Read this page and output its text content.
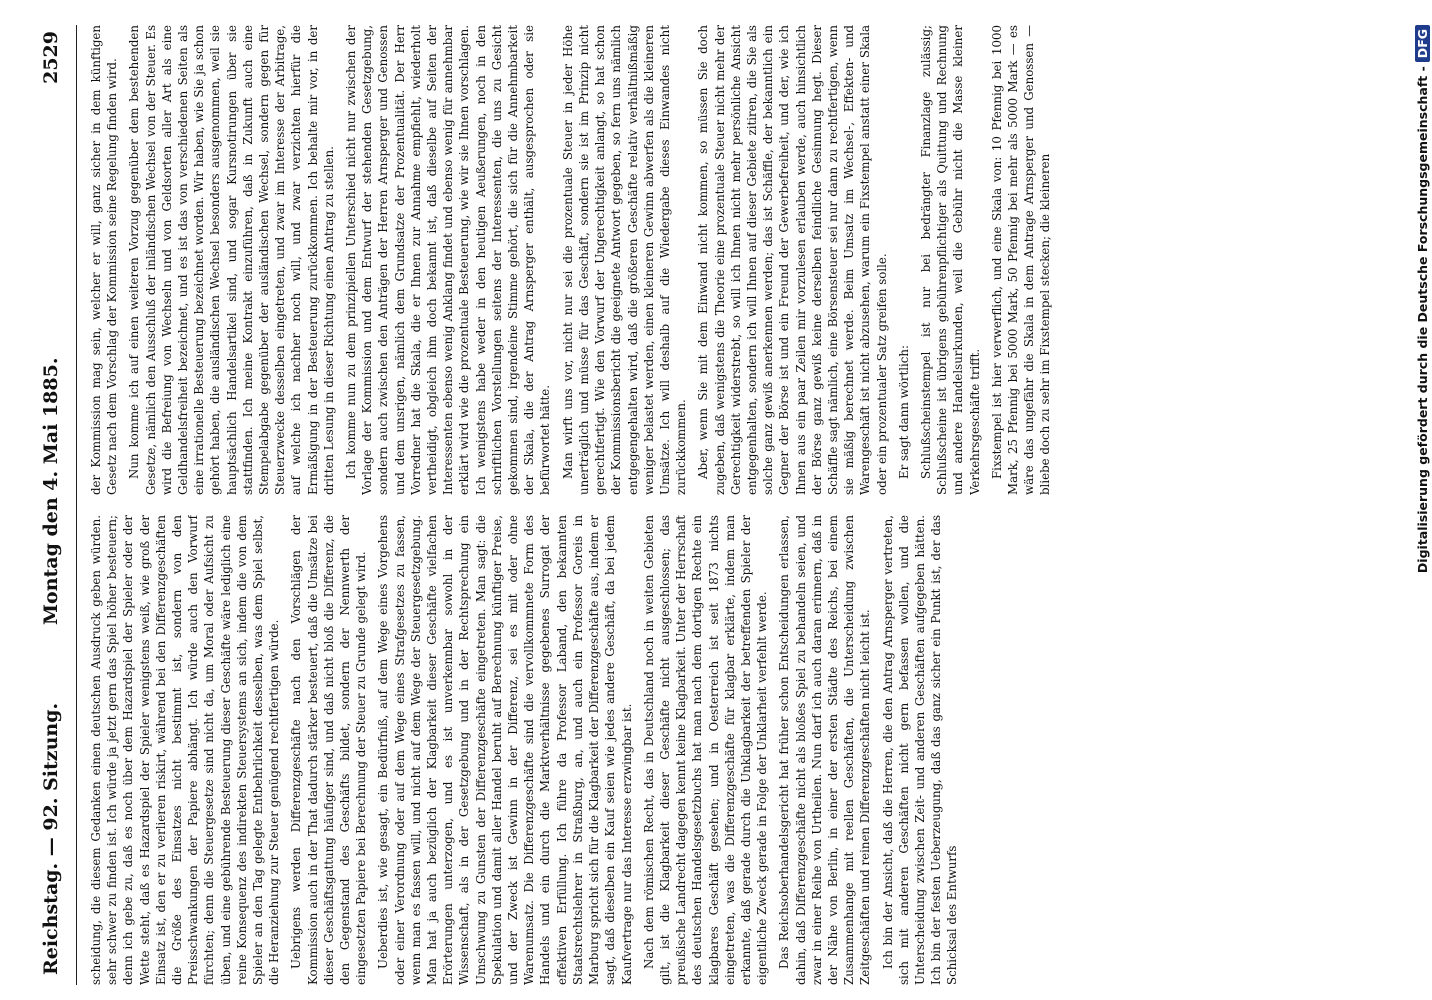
Reichstag. — 92. Sitzung.
Montag den 4. Mai 1885.
2529

scheidung, die diesem Gedanken einen deutschen Ausdruck geben würden. sehr schwer zu finden ist. Ich würde ja jetzt gern das Spiel höher besteuern; denn ich gebe zu, daß es noch über dem Hazardspiel der Spieler oder der Wette steht, daß es Hazardspiel der Spieler wenigstens weiß, wie groß der Einsatz ist, den er zu verlieren riskirt, während bei den Differenzgeschäften die Größe des Einsatzes nicht bestimmt ist, sondern von den Preisschwankungen der Papiere abhängt. Ich würde auch den Vorwurf fürchten; denn die Steuergesetze sind nicht da, um Moral oder Aufsicht zu üben, und eine gebührende Besteuerung dieser Geschäfte wäre lediglich eine reine Konsequenz des indirekten Steuersystems an sich, indem die von dem Spieler an den Tag gelegte Entbehrlichkeit desselben, was dem Spiel selbst, die Heranziehung zur Steuer genügend rechtfertigen würde. Uebrigens werden Differenzgeschäfte nach den Vorschlägen der Kommission auch in der That dadurch stärker besteuert, daß die Umsätze bei dieser Geschäftsgattung häufiger sind, und daß nicht bloß die Differenz, die den Gegenstand des Geschäfts bildet, sondern der Nennwerth der eingesetzten Papiere bei Berechnung der Steuer zu Grunde gelegt wird. Ueberdies ist, wie gesagt, ein Bedürfniß, auf dem Wege eines Vorgehens oder einer Verordnung oder auf dem Wege eines Strafgesetzes zu fassen, wenn man es fassen will, und nicht auf dem Wege der Steuergesetzgebung. Man hat ja auch bezüglich der Klagbarkeit dieser Geschäfte vielfachen Erörterungen unterzogen, und es ist unverkennbar sowohl in der Wissenschaft, als in der Gesetzgebung und in der Rechtsprechung ein Umschwung zu Gunsten der Differenzgeschäfte eingetreten. Man sagt: die Spekulation und damit aller Handel beruht auf Berechnung künftiger Preise, und der Zweck ist Gewinn in der Differenz, sei es mit oder ohne Warenumsatz. Die Differenzgeschäfte sind die vervollkommnete Form des Handels und ein durch die Marktverhältnisse gegebenes Surrogat der effektiven Erfüllung. Ich führe da Professor Laband, den bekannten Staatsrechtslehrer in Straßburg, an, und auch ein Professor Goreis in Marburg spricht sich für die Klagbarkeit der Differenzgeschäfte aus, indem er sagt, daß dieselben ein Kauf seien wie jedes andere Geschäft, da bei jedem Kaufvertrage nur das Interesse erzwingbar ist. Nach dem römischen Recht, das in Deutschland noch in weiten Gebieten gilt, ist die Klagbarkeit dieser Geschäfte nicht ausgeschlossen; das preußische Landrecht dagegen kennt keine Klagbarkeit. Unter der Herrschaft des deutschen Handelsgesetzbuchs hat man nach dem dortigen Rechte ein klagbares Geschäft gesehen; und in Oesterreich ist seit 1873 nichts eingetreten, was die Differenzgeschäfte für klagbar erklärte, indem man erkannte, daß gerade durch die Unklagbarkeit der betreffenden Spieler der eigentliche Zweck gerade in Folge der Unklarheit verfehlt werde. Das Reichsoberhandelsgericht hat früher schon Entscheidungen erlassen, dahin, daß Differenzgeschäfte nicht als bloßes Spiel zu behandeln seien, und zwar in einer Reihe von Urtheilen. Nun darf ich auch daran erinnern, daß in der Nähe von Berlin, in einer der ersten Städte des Reichs, bei einem Zusammenhange mit reellen Geschäften, die Unterscheidung zwischen Zeitgeschäften und reinen Differenzgeschäften nicht leicht ist. Ich bin der Ansicht, daß die Herren, die den Antrag Arnsperger vertreten, sich mit anderen Geschäften nicht gern befassen wollen, und die Unterscheidung zwischen Zeit- und anderen Geschäften aufgegeben hätten. Ich bin der festen Ueberzeugung, daß das ganz sicher ein Punkt ist, der das Schicksal des Entwurfs

der Kommission mag sein, welcher er will, ganz sicher in dem künftigen Gesetz nach dem Vorschlag der Kommission seine Regelung finden wird. Nun komme ich auf einen weiteren Vorzug gegenüber dem bestehenden Gesetze, nämlich den Ausschluß der inländischen Wechsel von der Steuer. Es wird die Befreiung von Wechseln und von Geldsorten aller Art als eine Geldhandelsfreiheit bezeichnet, und es ist das von verschiedenen Seiten als eine irrationelle Besteuerung bezeichnet worden. Wir haben, wie Sie ja schon gehört haben, die ausländischen Wechsel besonders ausgenommen, weil sie hauptsächlich Handelsartikel sind, und sogar Kursnotirungen über sie stattfinden. Ich meine Kontrakt einzuführen, daß in Zukunft auch eine Stempelabgabe gegenüber der ausländischen Wechsel, sondern gegen für Steuerzwecke desselben eingetreten, und zwar im Interesse der Arbitrage, auf welche ich nachher noch will, und zwar verzichten hierfür die Ermäßigung in der Besteuerung zurückkommen. Ich behalte mir vor, in der dritten Lesung in dieser Richtung einen Antrag zu stellen. Ich komme nun zu dem prinzipiellen Unterschied nicht nur zwischen der Vorlage der Kommission und dem Entwurf der stehenden Gesetzgebung, sondern auch zwischen den Anträgen der Herren Arnsperger und Genossen und dem unsrigen, nämlich dem Grundsatze der Prozentualität. Der Herr Vorredner hat die Skala, die er Ihnen zur Annahme empfiehlt, wiederholt vertheidigt, obgleich ihm doch bekannt ist, daß dieselbe auf Seiten der Interessenten ebenso wenig Anklang findet und ebenso wenig für annehmbar erklärt wird wie die prozentuale Besteuerung, wie wir sie Ihnen vorschlagen. Ich wenigstens habe weder in den heutigen Aeußerungen, noch in den schriftlichen Vorstellungen seitens der Interessenten, die uns zu Gesicht gekommen sind, irgendeine Stimme gehört, die sich für die Annehmbarkeit der Skala, die der Antrag Arnsperger enthält, ausgesprochen oder sie befürwortet hätte. Man wirft uns vor, nicht nur sei die prozentuale Steuer in jeder Höhe unerträglich und müsse für das Geschäft, sondern sie ist im Prinzip nicht gerechtfertigt. Wie den Vorwurf der Ungerechtigkeit anlangt, so hat schon der Kommissionsbericht die geeignete Antwort gegeben, so fern uns nämlich entgegengehalten wird, daß die größeren Geschäfte relativ verhältnißmäßig weniger belastet werden, einen kleineren Gewinn abwerfen als die kleineren Umsätze. Ich will deshalb auf die Wiedergabe dieses Einwandes nicht zurückkommen. Aber, wenn Sie mit dem Einwand nicht kommen, so müssen Sie doch zugeben, daß wenigstens die Theorie eine prozentuale Steuer nicht mehr der Gerechtigkeit widerstrebt, so will ich Ihnen nicht mehr persönliche Ansicht entgegenhalten, sondern ich will Ihnen auf dieser Gebiete zitiren, die Sie als solche ganz gewiß anerkennen werden; das ist Schäffle, der bekanntlich ein Gegner der Börse ist und ein Freund der Gewerbefreiheit, und der, wie ich Ihnen aus ein paar Zeilen mir vorzulesen erlauben werde, auch hinsichtlich der Börse ganz gewiß keine derselben feindliche Gesinnung hegt. Dieser Schäffle sagt nämlich, eine Börsensteuer sei nur dann zu rechtfertigen, wenn sie mäßig berechnet werde. Beim Umsatz im Wechsel-, Effekten- und Warengeschäft ist nicht abzusehen, warum ein Fixstempel anstatt einer Skala oder ein prozentualer Satz greifen solle. Er sagt dann wörtlich: Schlußscheinstempel ist nur bei bedrängter Finanzlage zulässig; Schlußscheine ist übrigens gebührenpflichtiger als Quittung und Rechnung und andere Handelsurkunden, weil die Gebühr nicht die Masse kleiner Verkehrsgeschäfte trifft. Fixstempel ist hier verwerflich, und eine Skala von: 10 Pfennig bei 1000 Mark, 25 Pfennig bei 5000 Mark, 50 Pfennig bei mehr als 5000 Mark — es wäre das ungefähr die Skala in dem Antrage Arnsperger und Genossen — bliebe doch zu sehr im Fixstempel stecken; die kleineren	Digitalisierung gefördert durch die Deutsche Forschungsgemeinschaft -DFG
